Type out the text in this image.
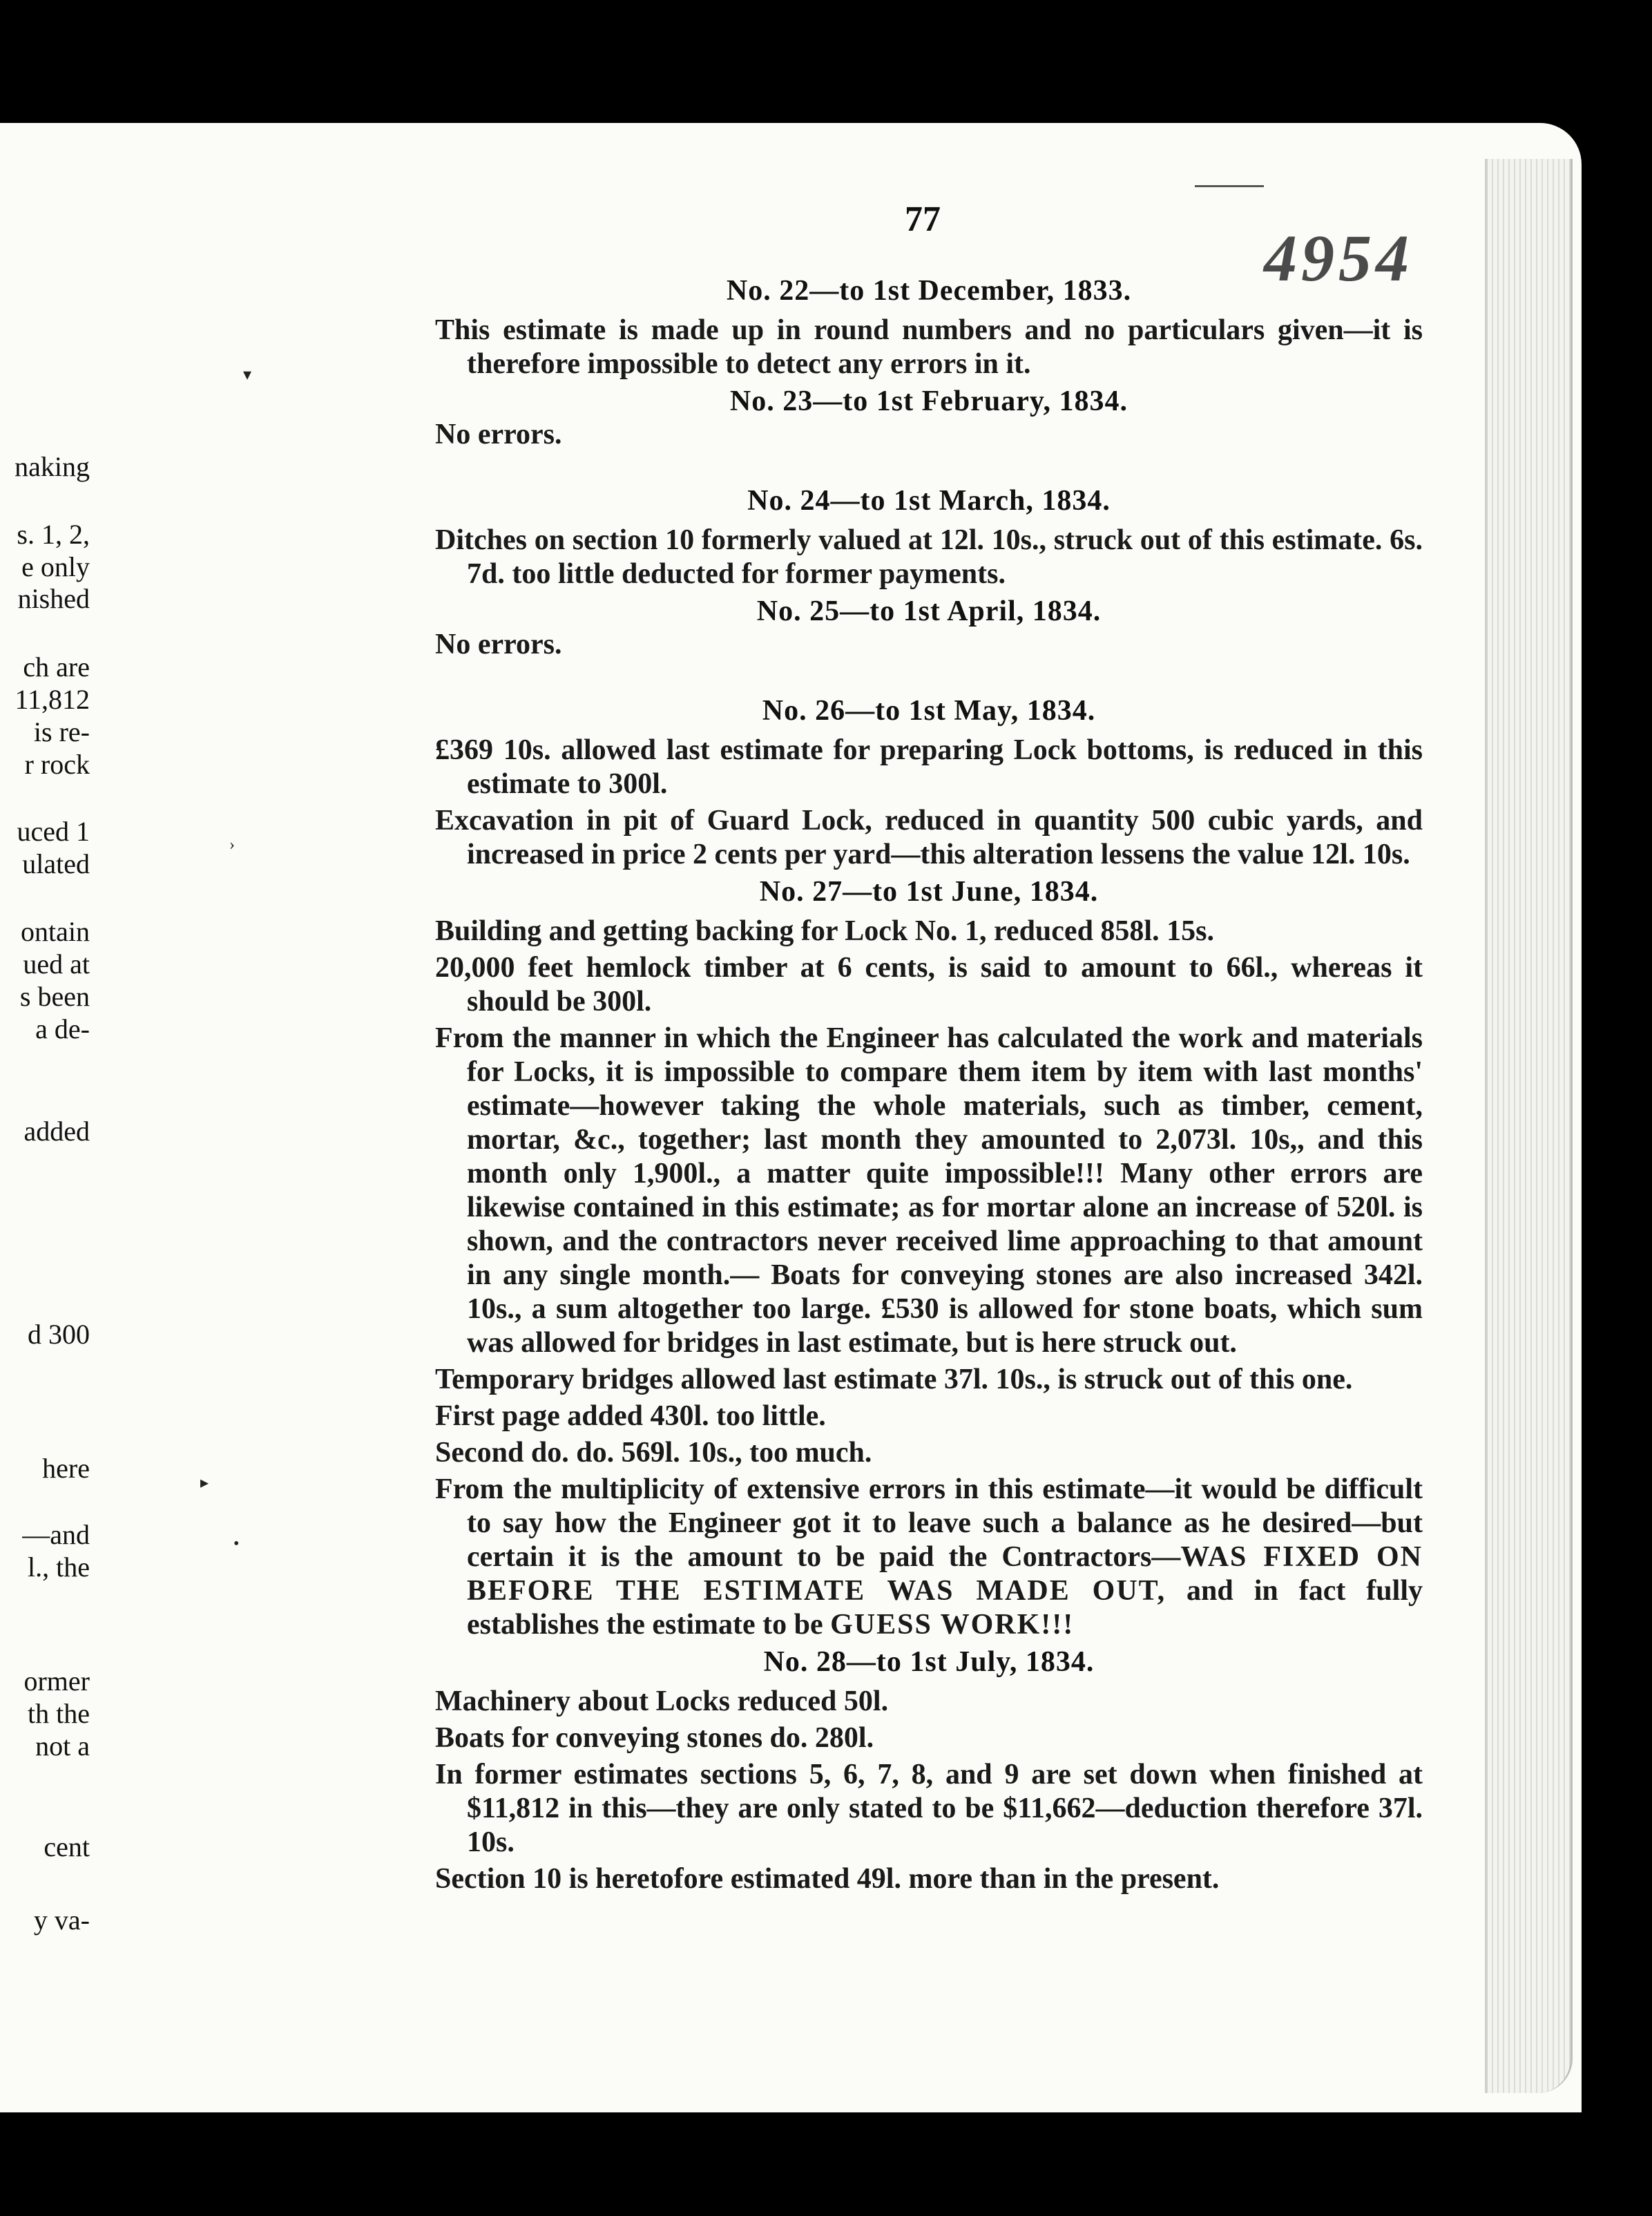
77
4954
naking
s. 1, 2,
e only
nished
ch are
11,812
is re-
r rock
uced 1
ulated
ontain
ued at
s been
a de-
added
d 300
here
—and
l., the
ormer
th the
not a
cent
y va-
▾
›
▸
•
No. 22—to 1st December, 1833.

This estimate is made up in round numbers and no particulars given—it is therefore impossible to detect any errors in it.

No. 23—to 1st February, 1834.

No errors.

No. 24—to 1st March, 1834.

Ditches on section 10 formerly valued at 12l. 10s., struck out of this estimate. 6s. 7d. too little deducted for former payments.

No. 25—to 1st April, 1834.

No errors.

No. 26—to 1st May, 1834.

£369 10s. allowed last estimate for preparing Lock bottoms, is reduced in this estimate to 300l.

Excavation in pit of Guard Lock, reduced in quantity 500 cubic yards, and increased in price 2 cents per yard—this alteration lessens the value 12l. 10s.

No. 27—to 1st June, 1834.

Building and getting backing for Lock No. 1, reduced 858l. 15s.

20,000 feet hemlock timber at 6 cents, is said to amount to 66l., whereas it should be 300l.

From the manner in which the Engineer has calculated the work and materials for Locks, it is impossible to compare them item by item with last months' estimate—however taking the whole materials, such as timber, cement, mortar, &c., together; last month they amounted to 2,073l. 10s,, and this month only 1,900l., a matter quite impossible!!! Many other errors are likewise contained in this estimate; as for mortar alone an increase of 520l. is shown, and the contractors never received lime approaching to that amount in any single month.— Boats for conveying stones are also increased 342l. 10s., a sum altogether too large. £530 is allowed for stone boats, which sum was allowed for bridges in last estimate, but is here struck out.

Temporary bridges allowed last estimate 37l. 10s., is struck out of this one.

First page added 430l. too little.

Second do. do. 569l. 10s., too much.

From the multiplicity of extensive errors in this estimate—it would be difficult to say how the Engineer got it to leave such a balance as he desired—but certain it is the amount to be paid the Contractors—WAS FIXED ON BEFORE THE ESTIMATE WAS MADE OUT, and in fact fully establishes the estimate to be GUESS WORK!!!

No. 28—to 1st July, 1834.

Machinery about Locks reduced 50l.

Boats for conveying stones do. 280l.

In former estimates sections 5, 6, 7, 8, and 9 are set down when finished at $11,812 in this—they are only stated to be $11,662—deduction therefore 37l. 10s.

Section 10 is heretofore estimated 49l. more than in the present.
